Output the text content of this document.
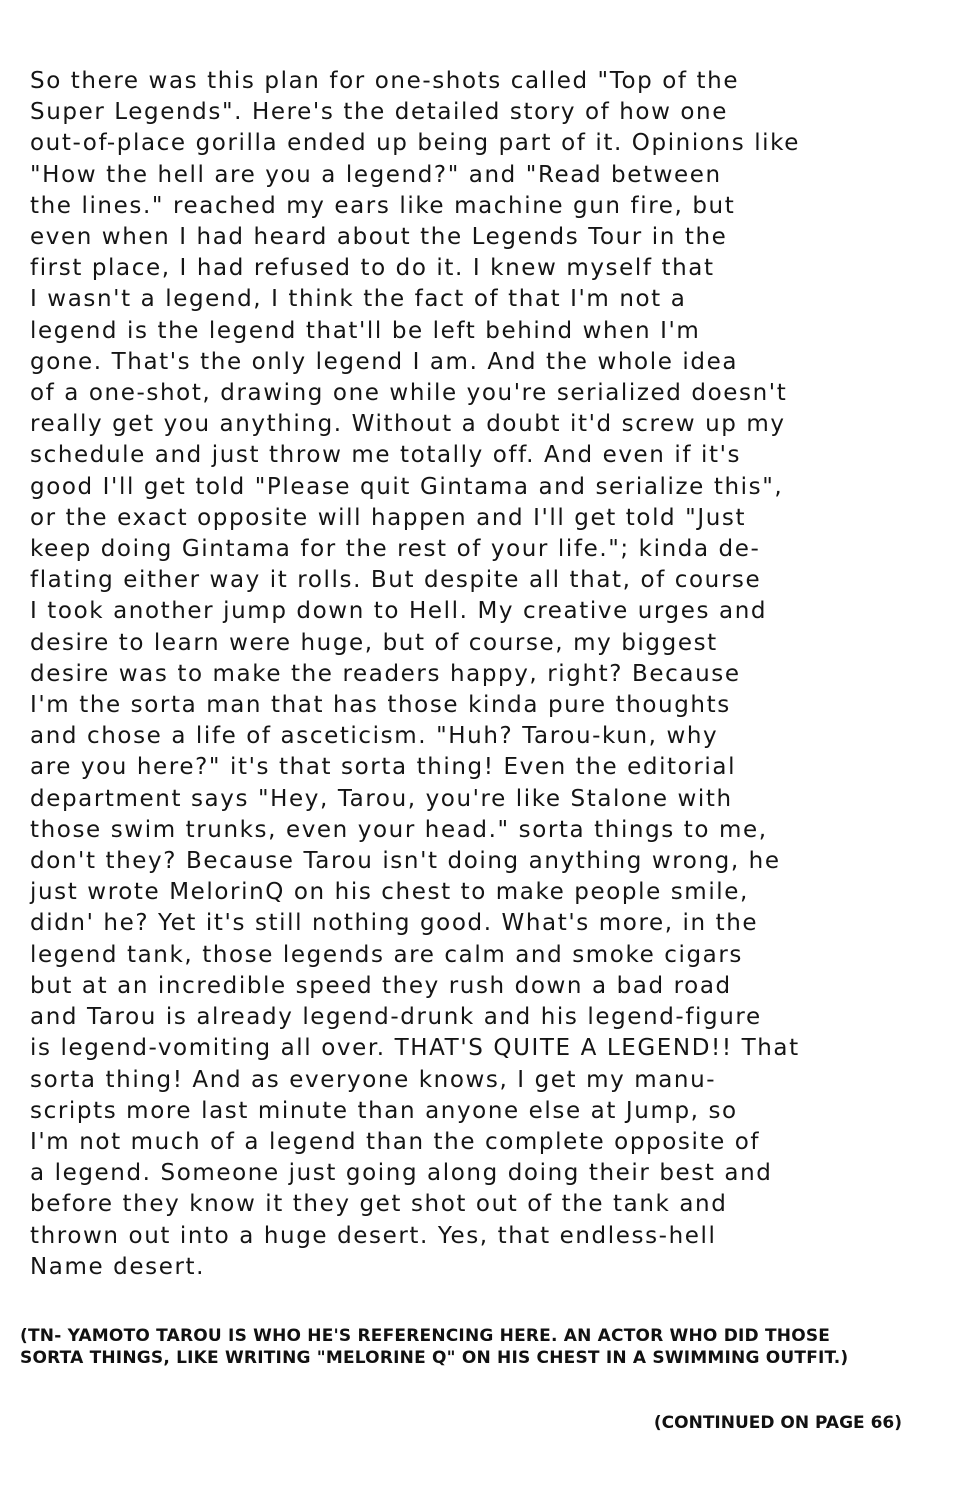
So there was this plan for one-shots called "Top of the
Super Legends". Here's the detailed story of how one
out-of-place gorilla ended up being part of it. Opinions like
"How the hell are you a legend?" and "Read between
the lines." reached my ears like machine gun fire, but
even when I had heard about the Legends Tour in the
first place, I had refused to do it. I knew myself that
I wasn't a legend, I think the fact of that I'm not a
legend is the legend that'll be left behind when I'm
gone. That's the only legend I am. And the whole idea
of a one-shot, drawing one while you're serialized doesn't
really get you anything. Without a doubt it'd screw up my
schedule and just throw me totally off. And even if it's
good I'll get told "Please quit Gintama and serialize this",
or the exact opposite will happen and I'll get told "Just
keep doing Gintama for the rest of your life."; kinda de-
flating either way it rolls. But despite all that, of course
I took another jump down to Hell. My creative urges and
desire to learn were huge, but of course, my biggest
desire was to make the readers happy, right? Because
I'm the sorta man that has those kinda pure thoughts
and chose a life of asceticism. "Huh? Tarou-kun, why
are you here?" it's that sorta thing! Even the editorial
department says "Hey, Tarou, you're like Stalone with
those swim trunks, even your head." sorta things to me,
don't they? Because Tarou isn't doing anything wrong, he
just wrote MelorinQ on his chest to make people smile,
didn' he? Yet it's still nothing good. What's more, in the
legend tank, those legends are calm and smoke cigars
but at an incredible speed they rush down a bad road
and Tarou is already legend-drunk and his legend-figure
is legend-vomiting all over. THAT'S QUITE A LEGEND!! That
sorta thing! And as everyone knows, I get my manu-
scripts more last minute than anyone else at Jump, so
I'm not much of a legend than the complete opposite of
a legend. Someone just going along doing their best and
before they know it they get shot out of the tank and
thrown out into a huge desert. Yes, that endless-hell
Name desert.
(TN- YAMOTO TAROU IS WHO HE'S REFERENCING HERE. AN ACTOR WHO DID THOSE
SORTA THINGS, LIKE WRITING "MELORINE Q" ON HIS CHEST IN A SWIMMING OUTFIT.)
(CONTINUED ON PAGE 66)
